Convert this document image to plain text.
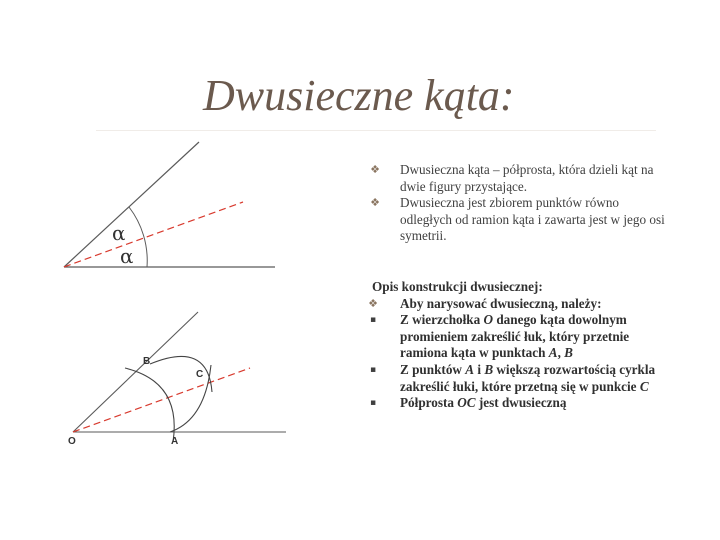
Dwusieczne kąta:
α
α
O	A
B
C
❖ Dwusieczna kąta – półprosta, która dzieli kąt na dwie figury przystające.
❖ Dwusieczna jest zbiorem punktów równo odległych od ramion kąta i zawarta jest w jego osi symetrii.
Opis konstrukcji dwusiecznej:
❖ Aby narysować dwusieczną, należy:
▪ Z wierzchołka O danego kąta dowolnym promieniem zakreślić łuk, który przetnie ramiona kąta w punktach A, B
▪ Z punktów A i B większą rozwartością cyrkla zakreślić łuki, które przetną się w punkcie C
▪ Półprosta OC jest dwusieczną
